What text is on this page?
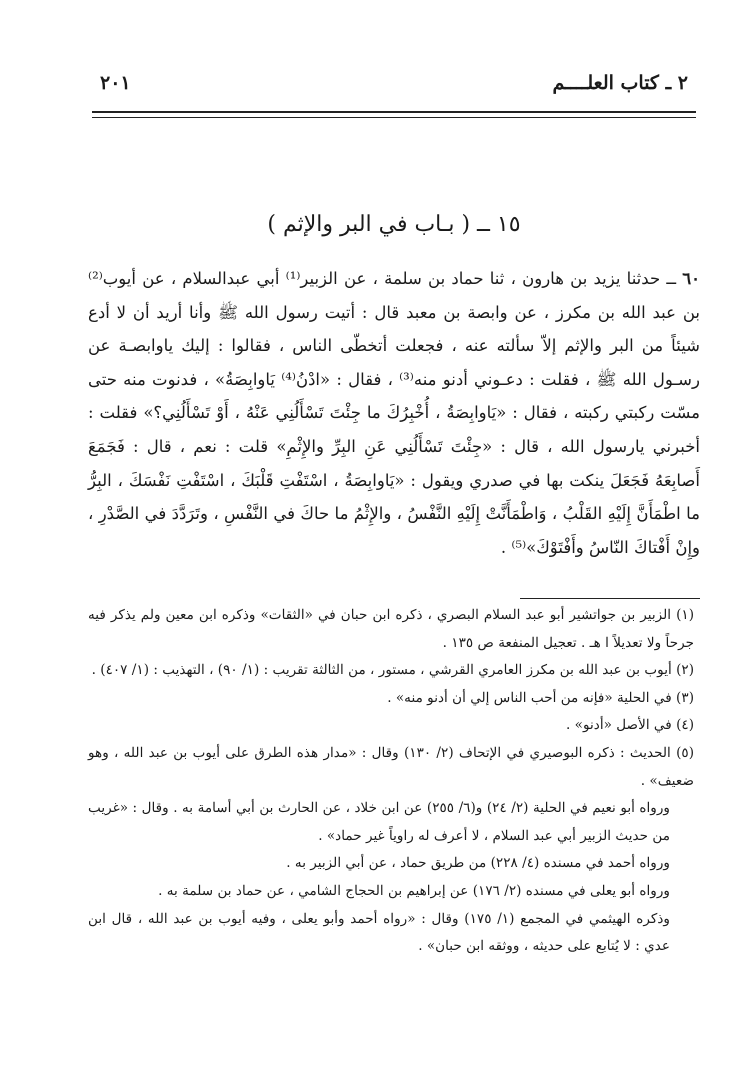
٢ ـ كتاب العلــــم
٢٠١
١٥ ــ ( بـاب في البر والإثم )

٦٠ ــ حدثنا يزيد بن هارون ، ثنا حماد بن سلمة ، عن الزبير⁽¹⁾ أبي عبدالسلام ، عن أيوب⁽²⁾ بن عبد الله بن مكرز ، عن وابصة بن معبد قال : أتيت رسول الله ﷺ وأنا أريد أن لا أدع شيئاً من البر والإثم إلاّ سألته عنه ، فجعلت أتخطّى الناس ، فقالوا : إليك ياوابصـة عن رسـول الله ﷺ ، فقلت : دعـوني أدنو منه⁽³⁾ ، فقال : «ادْنُ⁽⁴⁾ يَاوابِصَةُ» ، فدنوت منه حتى مسّت ركبتي ركبته ، فقال : «يَاوابِصَةُ ، أُخْبِرُكَ ما جِئْتَ تَسْأَلُنِي عَنْهُ ، أَوْ تَسْأَلُنِي؟» فقلت : أخبرني يارسول الله ، قال : «جِئْتَ تَسْأَلُنِي عَنِ البِرِّ والإِثْمِ» قلت : نعم ، قال : فَجَمَعَ أَصابِعَهُ فَجَعَلَ ينكت بها في صدري ويقول : «يَاوابِصَةُ ، اسْتَفْتِ قَلْبَكَ ، اسْتَفْتِ نَفْسَكَ ، البِرُّ ما اطْمَأَنَّ إِلَيْهِ القَلْبُ ، وَاطْمَأَنَّتْ إِلَيْهِ النَّفْسُ ، والإِثْمُ ما حاكَ في النَّفْسِ ، وتَرَدَّدَ في الصَّدْرِ ، وإِنْ أَفْتاكَ النّاسُ وأَفْتَوْكَ»⁽⁵⁾ .

(١) الزبير بن جواتشير أبو عبد السلام البصري ، ذكره ابن حبان في «الثقات» وذكره ابن معين ولم يذكر فيه جرحاً ولا تعديلاً ا هـ . تعجيل المنفعة ص ١٣٥ .

(٢) أيوب بن عبد الله بن مكرز العامري القرشي ، مستور ، من الثالثة تقريب : (١/ ٩٠) ، التهذيب : (١/ ٤٠٧) .

(٣) في الحلية «فإنه من أحب الناس إلي أن أدنو منه» .

(٤) في الأصل «أدنو» .

(٥) الحديث : ذكره البوصيري في الإتحاف (٢/ ١٣٠) وقال : «مدار هذه الطرق على أيوب بن عبد الله ، وهو ضعيف» .

ورواه أبو نعيم في الحلية (٢/ ٢٤) و(٦/ ٢٥٥) عن ابن خلاد ، عن الحارث بن أبي أسامة به . وقال : «غريب من حديث الزبير أبي عبد السلام ، لا أعرف له راوياً غير حماد» .

ورواه أحمد في مسنده (٤/ ٢٢٨) من طريق حماد ، عن أبي الزبير به .

ورواه أبو يعلى في مسنده (٢/ ١٧٦) عن إبراهيم بن الحجاج الشامي ، عن حماد بن سلمة به .

وذكره الهيثمي في المجمع (١/ ١٧٥) وقال : «رواه أحمد وأبو يعلى ، وفيه أيوب بن عبد الله ، قال ابن عدي : لا يُتابع على حديثه ، ووثقه ابن حبان» .
